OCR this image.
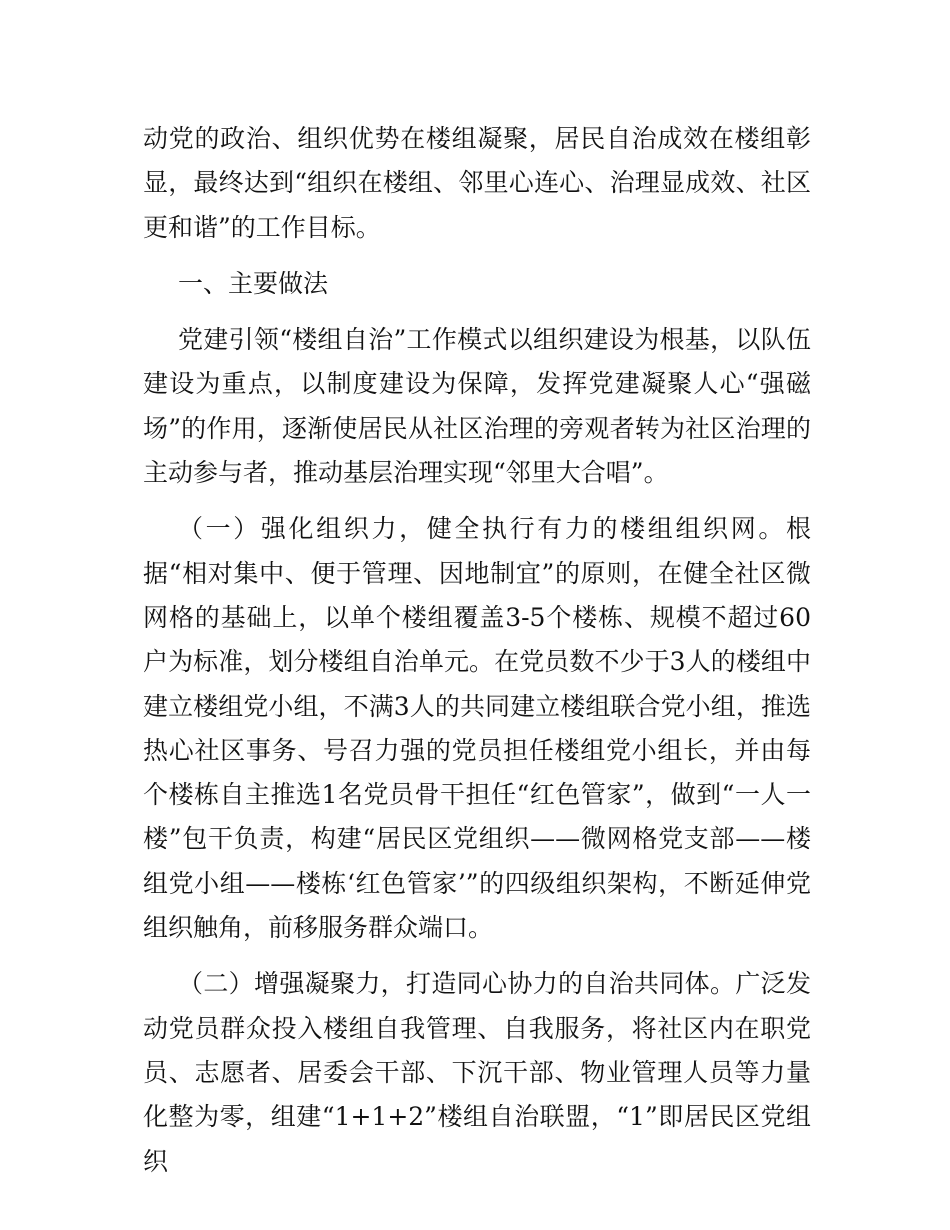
动党的政治、组织优势在楼组凝聚，居民自治成效在楼组彰显，最终达到“组织在楼组、邻里心连心、治理显成效、社区更和谐”的工作目标。

一、主要做法

党建引领“楼组自治”工作模式以组织建设为根基，以队伍建设为重点，以制度建设为保障，发挥党建凝聚人心“强磁场”的作用，逐渐使居民从社区治理的旁观者转为社区治理的主动参与者，推动基层治理实现“邻里大合唱”。

（一）强化组织力，健全执行有力的楼组组织网。根据“相对集中、便于管理、因地制宜”的原则，在健全社区微网格的基础上，以单个楼组覆盖3-5个楼栋、规模不超过60户为标准，划分楼组自治单元。在党员数不少于3人的楼组中建立楼组党小组，不满3人的共同建立楼组联合党小组，推选热心社区事务、号召力强的党员担任楼组党小组长，并由每个楼栋自主推选1名党员骨干担任“红色管家”，做到“一人一楼”包干负责，构建“居民区党组织——微网格党支部——楼组党小组——楼栋‘红色管家’”的四级组织架构，不断延伸党组织触角，前移服务群众端口。

（二）增强凝聚力，打造同心协力的自治共同体。广泛发动党员群众投入楼组自我管理、自我服务，将社区内在职党员、志愿者、居委会干部、下沉干部、物业管理人员等力量化整为零，组建“1+1+2”楼组自治联盟，“1”即居民区党组织
